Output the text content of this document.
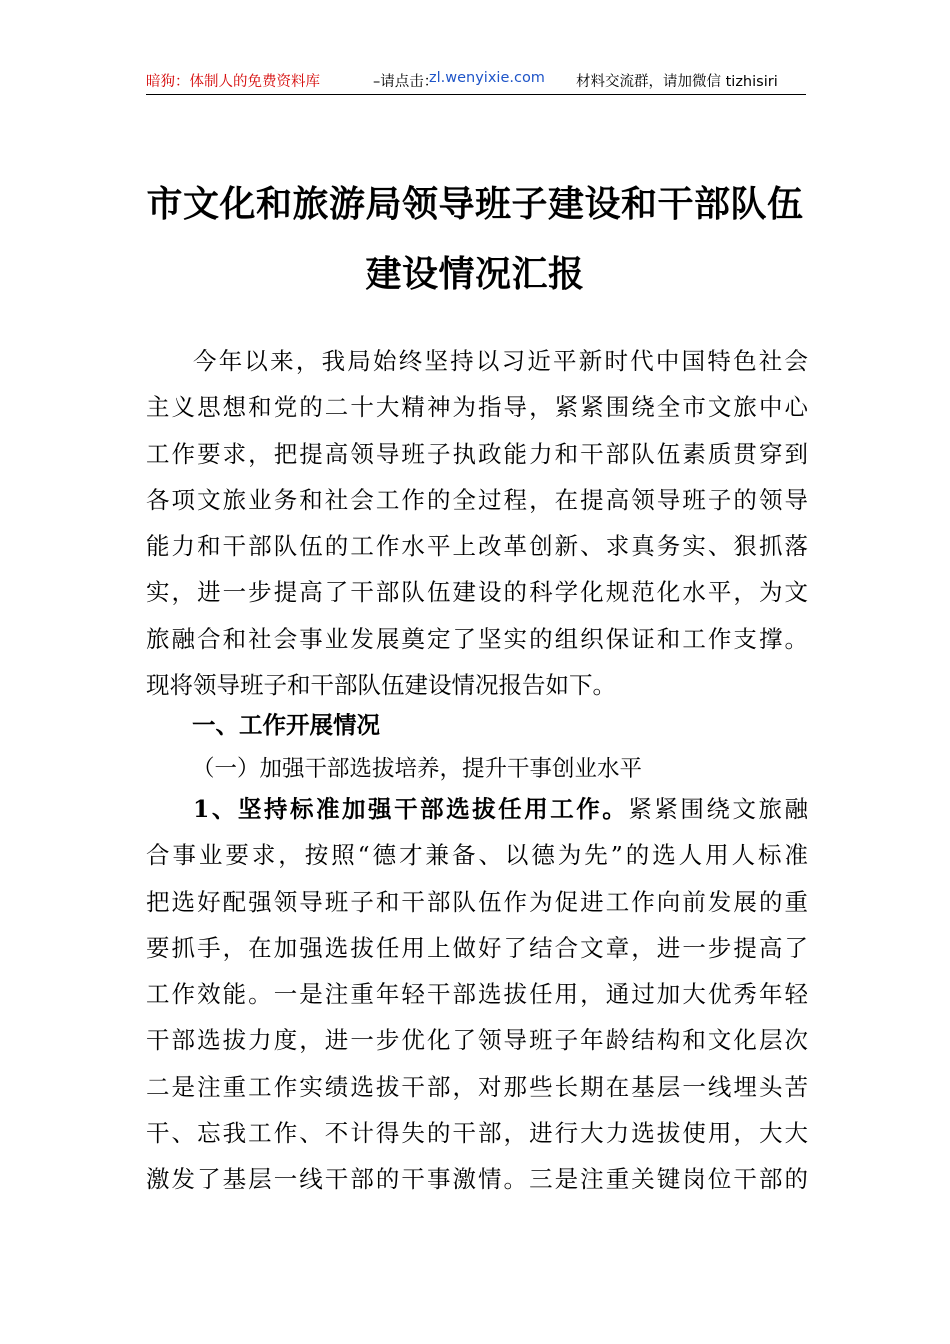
暗狗：体制人的免费资料库	–请点击：
zl.wenyixie.com 材料交流群，请加微信 tizhisiri
市文化和旅游局领导班子建设和干部队伍
建设情况汇报
今年以来，我局始终坚持以习近平新时代中国特色社会
主义思想和党的二十大精神为指导，紧紧围绕全市文旅中心
工作要求，把提高领导班子执政能力和干部队伍素质贯穿到
各项文旅业务和社会工作的全过程，在提高领导班子的领导
能力和干部队伍的工作水平上改革创新、求真务实、狠抓落
实，进一步提高了干部队伍建设的科学化规范化水平，为文
旅融合和社会事业发展奠定了坚实的组织保证和工作支撑。
现将领导班子和干部队伍建设情况报告如下。
一、工作开展情况
（一）加强干部选拔培养，提升干事创业水平
1、坚持标准加强干部选拔任用工作。紧紧围绕文旅融
合事业要求，按照“德才兼备、以德为先”的选人用人标准
把选好配强领导班子和干部队伍作为促进工作向前发展的重
要抓手，在加强选拔任用上做好了结合文章，进一步提高了
工作效能。一是注重年轻干部选拔任用，通过加大优秀年轻
干部选拔力度，进一步优化了领导班子年龄结构和文化层次
二是注重工作实绩选拔干部，对那些长期在基层一线埋头苦
干、忘我工作、不计得失的干部，进行大力选拔使用，大大
激发了基层一线干部的干事激情。三是注重关键岗位干部的
